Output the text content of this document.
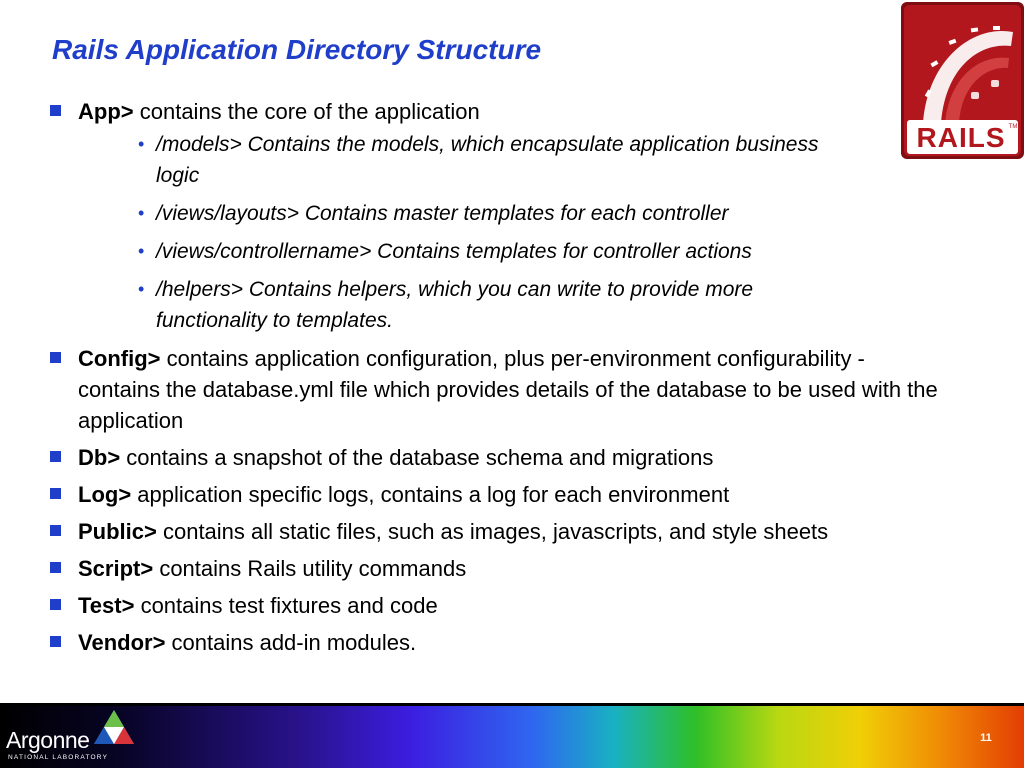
Rails Application Directory Structure
RAILS TM
App> contains the core of the application
• /models> Contains the models, which encapsulate application business logic
• /views/layouts> Contains master templates for each controller
• /views/controllername> Contains templates for controller actions
• /helpers> Contains helpers, which you can write to provide more functionality to templates.
Config> contains application configuration, plus per-environment configurability - contains the database.yml file which provides details of the database to be used with the application
Db> contains a snapshot of the database schema and migrations
Log> application specific logs, contains a log for each environment
Public> contains all static files, such as images, javascripts, and style sheets
Script> contains Rails utility commands
Test> contains test fixtures and code
Vendor> contains add-in modules.
Argonne
NATIONAL LABORATORY
11
